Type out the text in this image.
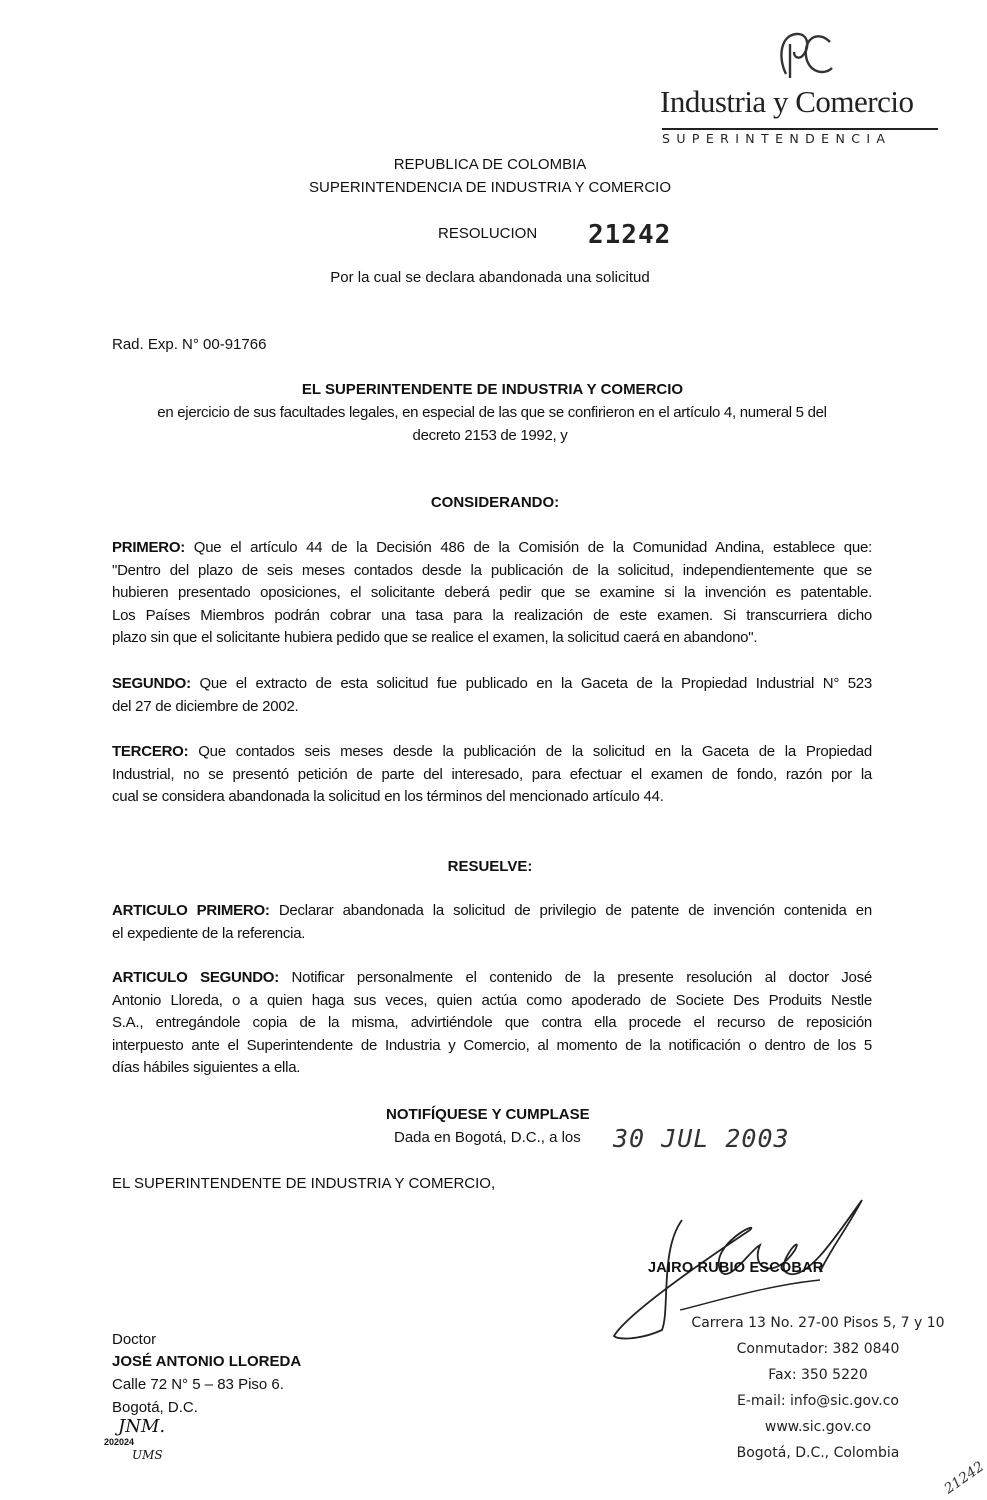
Industria y Comercio
SUPERINTENDENCIA
REPUBLICA DE COLOMBIA
SUPERINTENDENCIA DE INDUSTRIA Y COMERCIO
RESOLUCION 21242
Por la cual se declara abandonada una solicitud
Rad. Exp. N° 00-91766
EL SUPERINTENDENTE DE INDUSTRIA Y COMERCIO
en ejercicio de sus facultades legales, en especial de las que se confirieron en el artículo 4, numeral 5 del
decreto 2153 de 1992, y
CONSIDERANDO:

PRIMERO: Que el artículo 44 de la Decisión 486 de la Comisión de la Comunidad Andina, establece que:

"Dentro del plazo de seis meses contados desde la publicación de la solicitud, independientemente que se

hubieren presentado oposiciones, el solicitante deberá pedir que se examine si la invención es patentable.

Los Países Miembros podrán cobrar una tasa para la realización de este examen. Si transcurriera dicho

plazo sin que el solicitante hubiera pedido que se realice el examen, la solicitud caerá en abandono".

SEGUNDO: Que el extracto de esta solicitud fue publicado en la Gaceta de la Propiedad Industrial N° 523

del 27 de diciembre de 2002.

TERCERO: Que contados seis meses desde la publicación de la solicitud en la Gaceta de la Propiedad

Industrial, no se presentó petición de parte del interesado, para efectuar el examen de fondo, razón por la

cual se considera abandonada la solicitud en los términos del mencionado artículo 44.

RESUELVE:

ARTICULO PRIMERO: Declarar abandonada la solicitud de privilegio de patente de invención contenida en

el expediente de la referencia.

ARTICULO SEGUNDO: Notificar personalmente el contenido de la presente resolución al doctor José

Antonio Lloreda, o a quien haga sus veces, quien actúa como apoderado de Societe Des Produits Nestle

S.A., entregándole copia de la misma, advirtiéndole que contra ella procede el recurso de reposición

interpuesto ante el Superintendente de Industria y Comercio, al momento de la notificación o dentro de los 5

días hábiles siguientes a ella.

NOTIFÍQUESE Y CUMPLASE
Dada en Bogotá, D.C., a los 30 JUL 2003
EL SUPERINTENDENTE DE INDUSTRIA Y COMERCIO,
JAIRO RUBIO ESCOBAR
Doctor
JOSÉ ANTONIO LLOREDA
Calle 72 N° 5 – 83 Piso 6.
Bogotá, D.C.
JNM.
202024
UMS
Carrera 13 No. 27-00 Pisos 5, 7 y 10
Conmutador: 382 0840
Fax: 350 5220
E-mail: info@sic.gov.co
www.sic.gov.co
Bogotá, D.C., Colombia
21242
